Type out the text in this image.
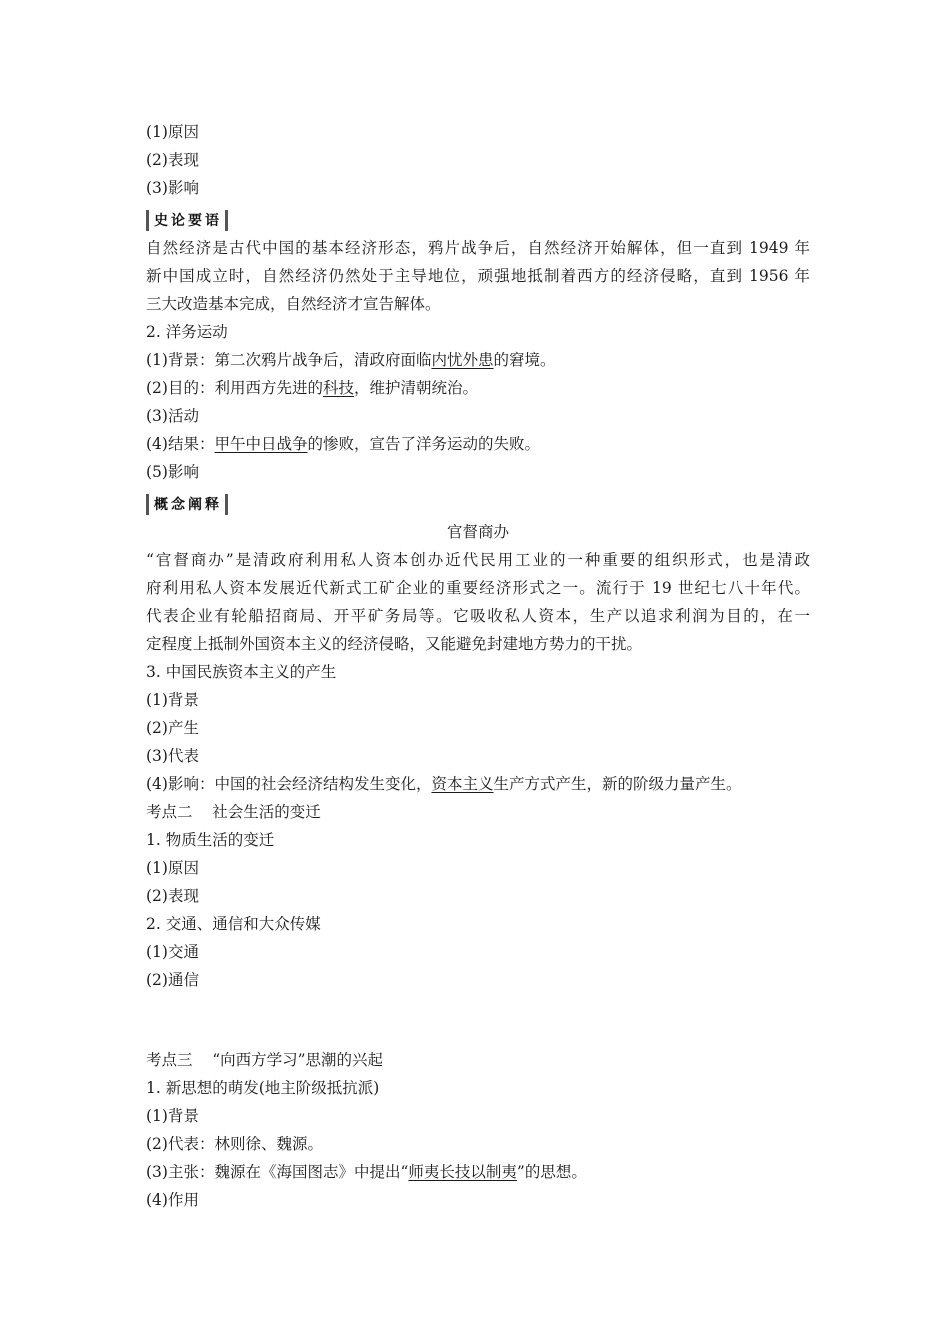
(1)原因
(2)表现
(3)影响
史论要语
自然经济是古代中国的基本经济形态，鸦片战争后，自然经济开始解体，但一直到 1949 年
新中国成立时，自然经济仍然处于主导地位，顽强地抵制着西方的经济侵略，直到 1956 年
三大改造基本完成，自然经济才宣告解体。
2. 洋务运动
(1)背景：第二次鸦片战争后，清政府面临内忧外患的窘境。
(2)目的：利用西方先进的科技，维护清朝统治。
(3)活动
(4)结果：甲午中日战争的惨败，宣告了洋务运动的失败。
(5)影响
概念阐释
官督商办
“官督商办”是清政府利用私人资本创办近代民用工业的一种重要的组织形式，也是清政
府利用私人资本发展近代新式工矿企业的重要经济形式之一。流行于 19 世纪七八十年代。
代表企业有轮船招商局、开平矿务局等。它吸收私人资本，生产以追求利润为目的，在一
定程度上抵制外国资本主义的经济侵略，又能避免封建地方势力的干扰。
3. 中国民族资本主义的产生
(1)背景
(2)产生
(3)代表
(4)影响：中国的社会经济结构发生变化，资本主义生产方式产生，新的阶级力量产生。
考点二    社会生活的变迁
1. 物质生活的变迁
(1)原因
(2)表现
2. 交通、通信和大众传媒
(1)交通
(2)通信
考点三    “向西方学习”思潮的兴起
1. 新思想的萌发(地主阶级抵抗派)
(1)背景
(2)代表：林则徐、魏源。
(3)主张：魏源在《海国图志》中提出“师夷长技以制夷”的思想。
(4)作用
